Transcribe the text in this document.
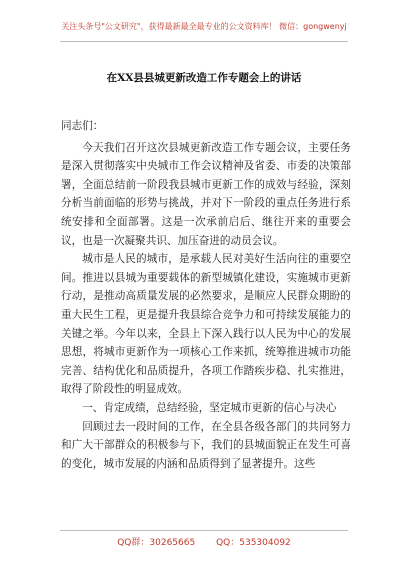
关注头条号"公文研究"，获得最新最全最专业的公文资料库！ 微信：gongwenyj
在XX县县城更新改造工作专题会上的讲话

同志们：

今天我们召开这次县城更新改造工作专题会议，主要任务是深入贯彻落实中央城市工作会议精神及省委、市委的决策部署，全面总结前一阶段我县城市更新工作的成效与经验，深刻分析当前面临的形势与挑战，并对下一阶段的重点任务进行系统安排和全面部署。这是一次承前启后、继往开来的重要会议，也是一次凝聚共识、加压奋进的动员会议。

城市是人民的城市，是承载人民对美好生活向往的重要空间。推进以县城为重要载体的新型城镇化建设，实施城市更新行动，是推动高质量发展的必然要求，是顺应人民群众期盼的重大民生工程，更是提升我县综合竞争力和可持续发展能力的关键之举。今年以来，全县上下深入践行以人民为中心的发展思想，将城市更新作为一项核心工作来抓，统筹推进城市功能完善、结构优化和品质提升，各项工作踏疾步稳、扎实推进，取得了阶段性的明显成效。

一、肯定成绩，总结经验，坚定城市更新的信心与决心

回顾过去一段时间的工作，在全县各级各部门的共同努力和广大干部群众的积极参与下，我们的县城面貌正在发生可喜的变化，城市发展的内涵和品质得到了显著提升。这些

QQ群：30265665 QQ：535304092
